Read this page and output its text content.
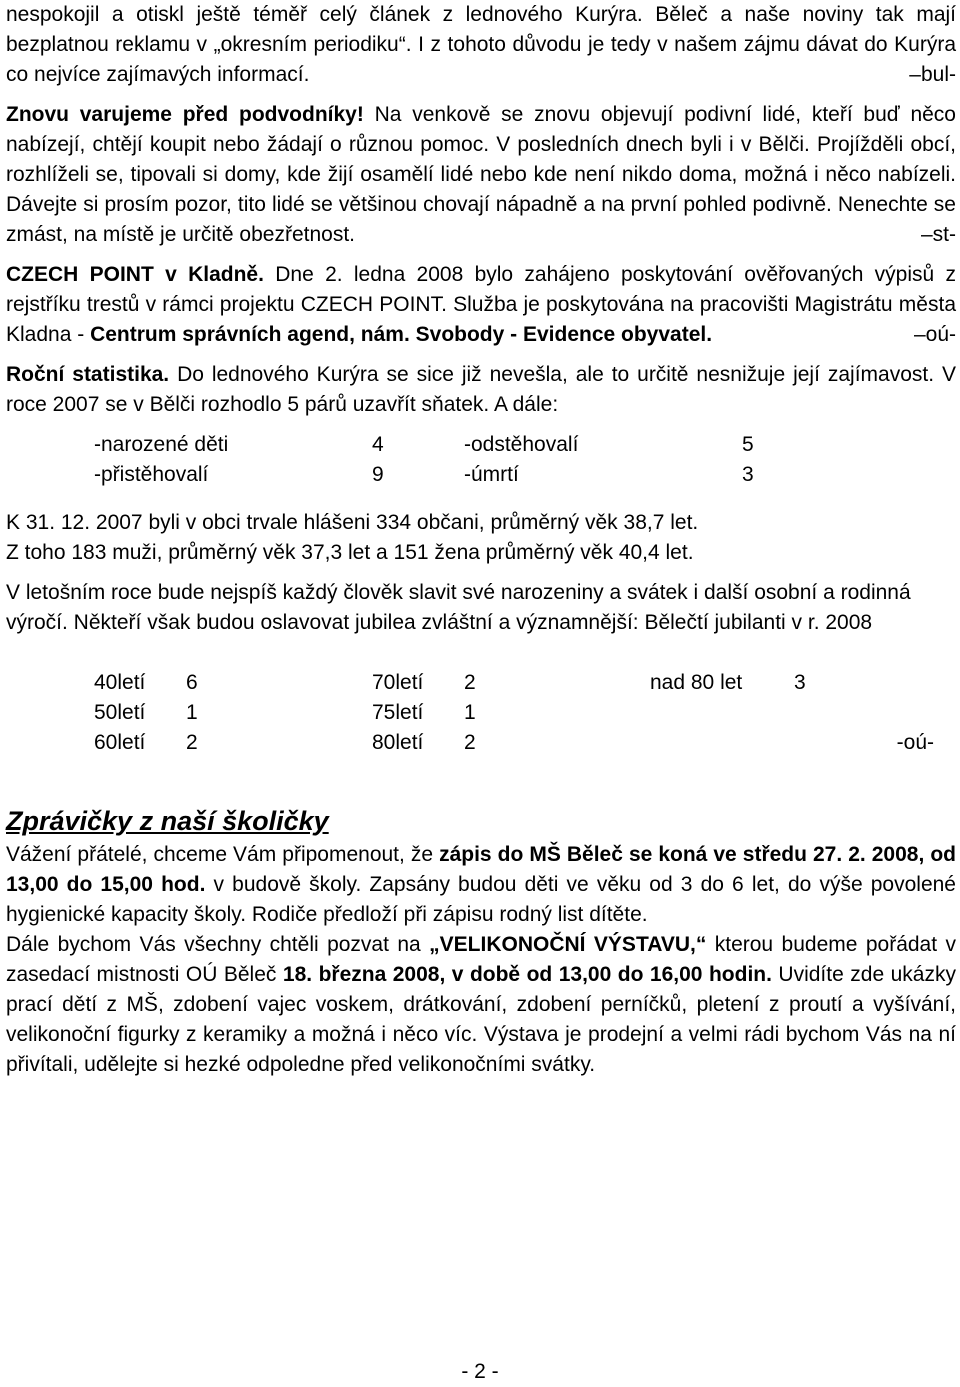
nespokojil a otiskl ještě téměř celý článek z lednového Kurýra. Běleč a naše noviny tak mají bezplatnou reklamu v „okresním periodiku“. I z tohoto důvodu je tedy v našem zájmu dávat do Kurýra co nejvíce zajímavých informací.	–bul-

Znovu varujeme před podvodníky! Na venkově se znovu objevují podivní lidé, kteří buď něco nabízejí, chtějí koupit nebo žádají o různou pomoc. V posledních dnech byli i v Bělči. Projížděli obcí, rozhlíželi se, tipovali si domy, kde žijí osamělí lidé nebo kde není nikdo doma, možná i něco nabízeli. Dávejte si prosím pozor, tito lidé se většinou chovají nápadně a na první pohled podivně. Nenechte se zmást, na místě je určitě obezřetnost.	–st-

CZECH POINT v Kladně. Dne 2. ledna 2008 bylo zahájeno poskytování ověřovaných výpisů z rejstříku trestů v rámci projektu CZECH POINT. Služba je poskytována na pracovišti Magistrátu města Kladna - Centrum správních agend, nám. Svobody - Evidence obyvatel.	–oú-

Roční statistika. Do lednového Kurýra se sice již nevešla, ale to určitě nesnižuje její zajímavost. V roce 2007 se v Bělči rozhodlo 5 párů uzavřít sňatek. A dále:

-narozené děti	4	-odstěhovalí	5
-přistěhovalí	9	-úmrtí	3

K 31. 12. 2007 byli v obci trvale hlášeni 334 občani, průměrný věk 38,7 let.

Z toho 183 muži, průměrný věk 37,3 let a 151 žena průměrný věk 40,4 let.

V letošním roce bude nejspíš každý člověk slavit své narozeniny a svátek i další osobní a rodinná výročí. Někteří však budou oslavovat jubilea zvláštní a významnější: Bělečtí jubilanti v r. 2008

40letí	6	70letí	2	nad 80 let	3
50letí	1	75letí	1		
60letí	2	80letí	2		-oú-
Zprávičky z naší školičky

Vážení přátelé, chceme Vám připomenout, že zápis do MŠ Běleč se koná ve středu 27. 2. 2008, od 13,00 do 15,00 hod. v budově školy. Zapsány budou děti ve věku od 3 do 6 let, do výše povolené hygienické kapacity školy. Rodiče předloží při zápisu rodný list dítěte.

Dále bychom Vás všechny chtěli pozvat na „VELIKONOČNÍ VÝSTAVU,“ kterou budeme pořádat v zasedací mistnosti OÚ Běleč 18. března 2008, v době od 13,00 do 16,00 hodin. Uvidíte zde ukázky prací dětí z MŠ, zdobení vajec voskem, drátkování, zdobení perníčků, pletení z proutí a vyšívání, velikonoční figurky z keramiky a možná i něco víc. Výstava je prodejní a velmi rádi bychom Vás na ní přivítali, udělejte si hezké odpoledne před velikonočními svátky.

- 2 -
